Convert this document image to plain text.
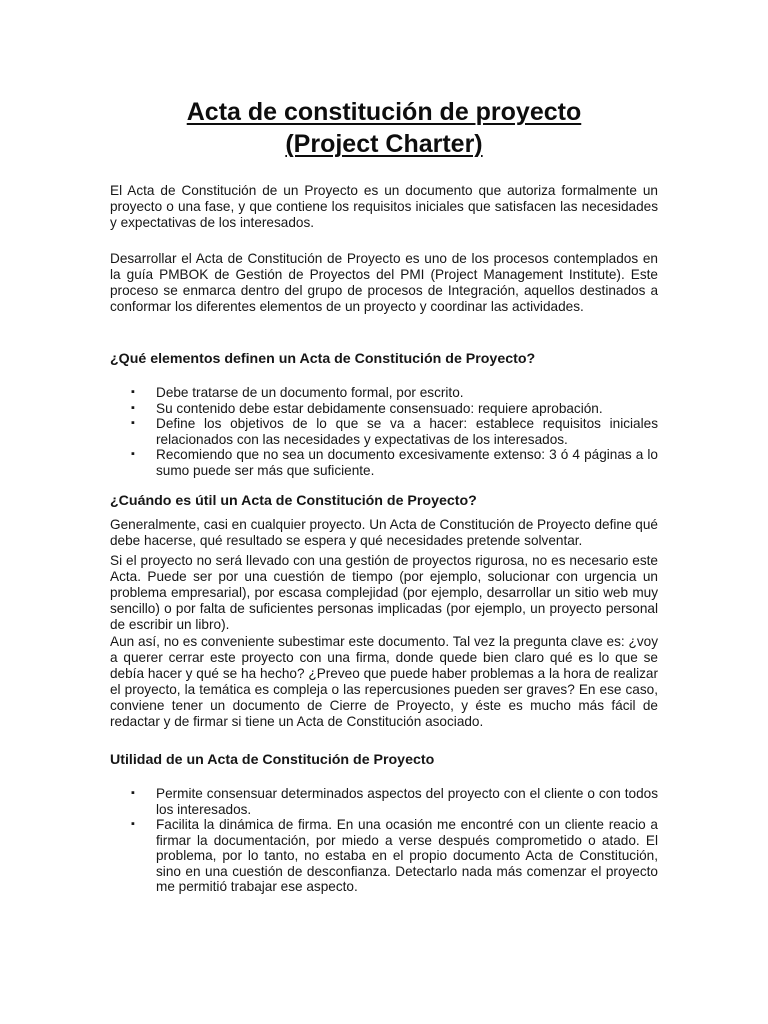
Acta de constitución de proyecto
(Project Charter)
El Acta de Constitución de un Proyecto es un documento que autoriza formalmente un proyecto o una fase, y que contiene los requisitos iniciales que satisfacen las necesidades y expectativas de los interesados.
Desarrollar el Acta de Constitución de Proyecto es uno de los procesos contemplados en la guía PMBOK de Gestión de Proyectos del PMI (Project Management Institute). Este proceso se enmarca dentro del grupo de procesos de Integración, aquellos destinados a conformar los diferentes elementos de un proyecto y coordinar las actividades.
¿Qué elementos definen un Acta de Constitución de Proyecto?
▪ Debe tratarse de un documento formal, por escrito.
▪ Su contenido debe estar debidamente consensuado: requiere aprobación.
▪ Define los objetivos de lo que se va a hacer: establece requisitos iniciales relacionados con las necesidades y expectativas de los interesados.
▪ Recomiendo que no sea un documento excesivamente extenso: 3 ó 4 páginas a lo sumo puede ser más que suficiente.
¿Cuándo es útil un Acta de Constitución de Proyecto?
Generalmente, casi en cualquier proyecto. Un Acta de Constitución de Proyecto define qué debe hacerse, qué resultado se espera y qué necesidades pretende solventar.
Si el proyecto no será llevado con una gestión de proyectos rigurosa, no es necesario este Acta. Puede ser por una cuestión de tiempo (por ejemplo, solucionar con urgencia un problema empresarial), por escasa complejidad (por ejemplo, desarrollar un sitio web muy sencillo) o por falta de suficientes personas implicadas (por ejemplo, un proyecto personal de escribir un libro).
Aun así, no es conveniente subestimar este documento. Tal vez la pregunta clave es: ¿voy a querer cerrar este proyecto con una firma, donde quede bien claro qué es lo que se debía hacer y qué se ha hecho? ¿Preveo que puede haber problemas a la hora de realizar el proyecto, la temática es compleja o las repercusiones pueden ser graves? En ese caso, conviene tener un documento de Cierre de Proyecto, y éste es mucho más fácil de redactar y de firmar si tiene un Acta de Constitución asociado.
Utilidad de un Acta de Constitución de Proyecto
▪ Permite consensuar determinados aspectos del proyecto con el cliente o con todos los interesados.
▪ Facilita la dinámica de firma. En una ocasión me encontré con un cliente reacio a firmar la documentación, por miedo a verse después comprometido o atado. El problema, por lo tanto, no estaba en el propio documento Acta de Constitución, sino en una cuestión de desconfianza. Detectarlo nada más comenzar el proyecto me permitió trabajar ese aspecto.
